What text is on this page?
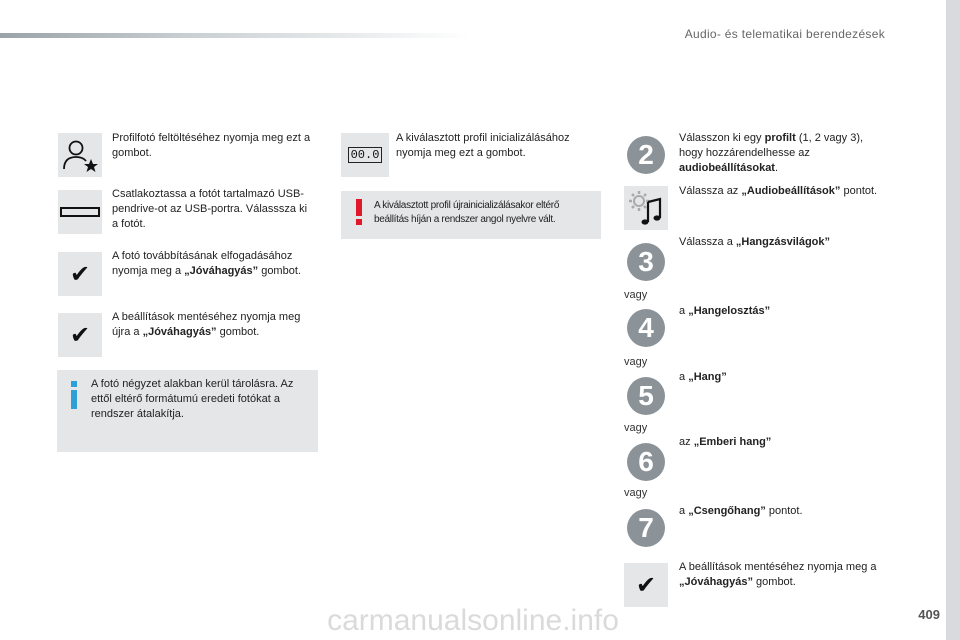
Audio- és telematikai berendezések
Profilfotó feltöltéséhez nyomja meg ezt a gombot.
Csatlakoztassa a fotót tartalmazó USB-pendrive-ot az USB-portra. Válasssza ki a fotót.
✔
A fotó továbbításának elfogadásához nyomja meg a „Jóváhagyás” gombot.
✔
A beállítások mentéséhez nyomja meg újra a „Jóváhagyás” gombot.
A fotó négyzet alakban kerül tárolásra. Az ettől eltérő formátumú eredeti fotókat a rendszer átalakítja.
00.0
A kiválasztott profil inicializálásához nyomja meg ezt a gombot.
A kiválasztott profil újrainicializálásakor eltérő beállítás híján a rendszer angol nyelvre vált.
2
Válasszon ki egy profilt (1, 2 vagy 3), hogy hozzárendelhesse az audiobeállításokat.
Válassza az „Audiobeállítások” pontot.
3
Válassza a „Hangzásvilágok”
vagy
4
a „Hangelosztás”
vagy
5
a „Hang”
vagy
6
az „Emberi hang”
vagy
7
a „Csengőhang” pontot.
✔
A beállítások mentéséhez nyomja meg a „Jóváhagyás” gombot.
409
carmanualsonline.info
